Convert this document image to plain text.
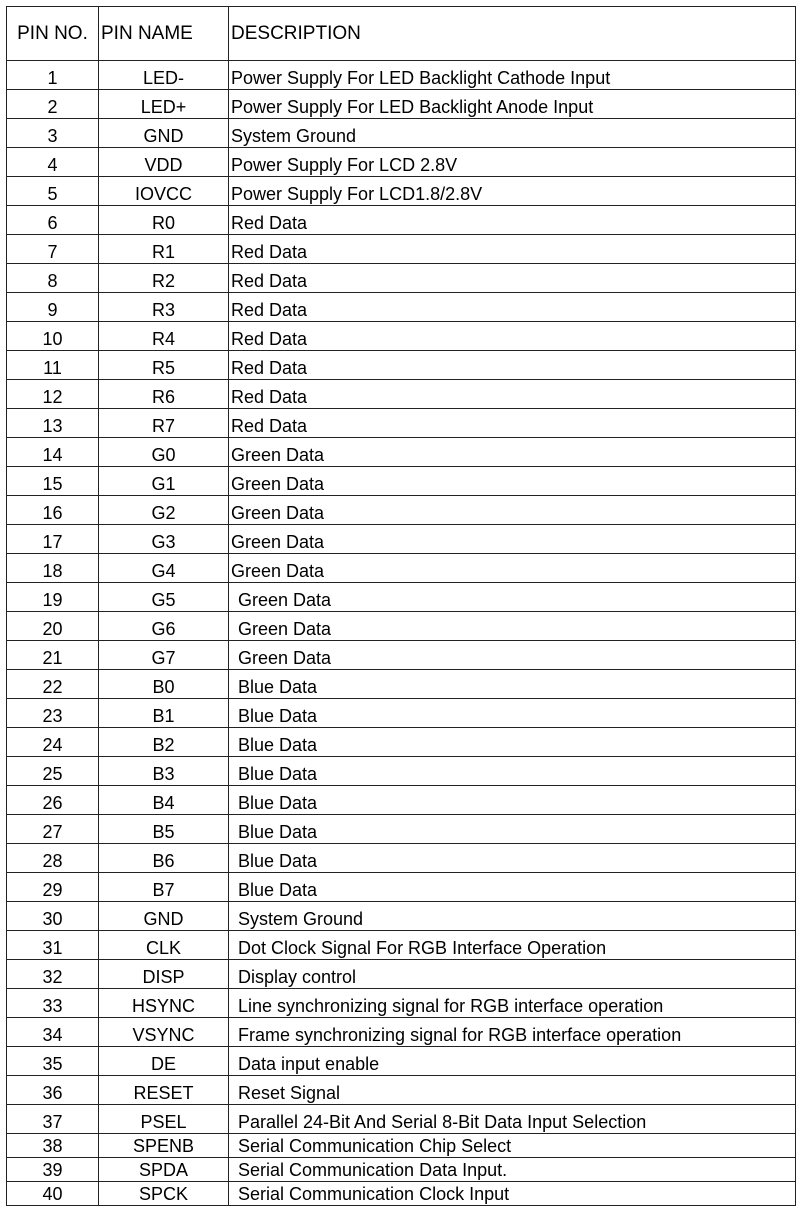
PIN NO.	PIN NAME	DESCRIPTION
1	LED-	Power Supply For LED Backlight Cathode Input
2	LED+	Power Supply For LED Backlight Anode Input
3	GND	System Ground
4	VDD	Power Supply For LCD 2.8V
5	IOVCC	Power Supply For LCD1.8/2.8V
6	R0	Red Data
7	R1	Red Data
8	R2	Red Data
9	R3	Red Data
10	R4	Red Data
11	R5	Red Data
12	R6	Red Data
13	R7	Red Data
14	G0	Green Data
15	G1	Green Data
16	G2	Green Data
17	G3	Green Data
18	G4	Green Data
19	G5	Green Data
20	G6	Green Data
21	G7	Green Data
22	B0	Blue Data
23	B1	Blue Data
24	B2	Blue Data
25	B3	Blue Data
26	B4	Blue Data
27	B5	Blue Data
28	B6	Blue Data
29	B7	Blue Data
30	GND	System Ground
31	CLK	Dot Clock Signal For RGB Interface Operation
32	DISP	Display control
33	HSYNC	Line synchronizing signal for RGB interface operation
34	VSYNC	Frame synchronizing signal for RGB interface operation
35	DE	Data input enable
36	RESET	Reset Signal
37	PSEL	Parallel 24-Bit And Serial 8-Bit Data Input Selection
38	SPENB	Serial Communication Chip Select
39	SPDA	Serial Communication Data Input.
40	SPCK	Serial Communication Clock Input
